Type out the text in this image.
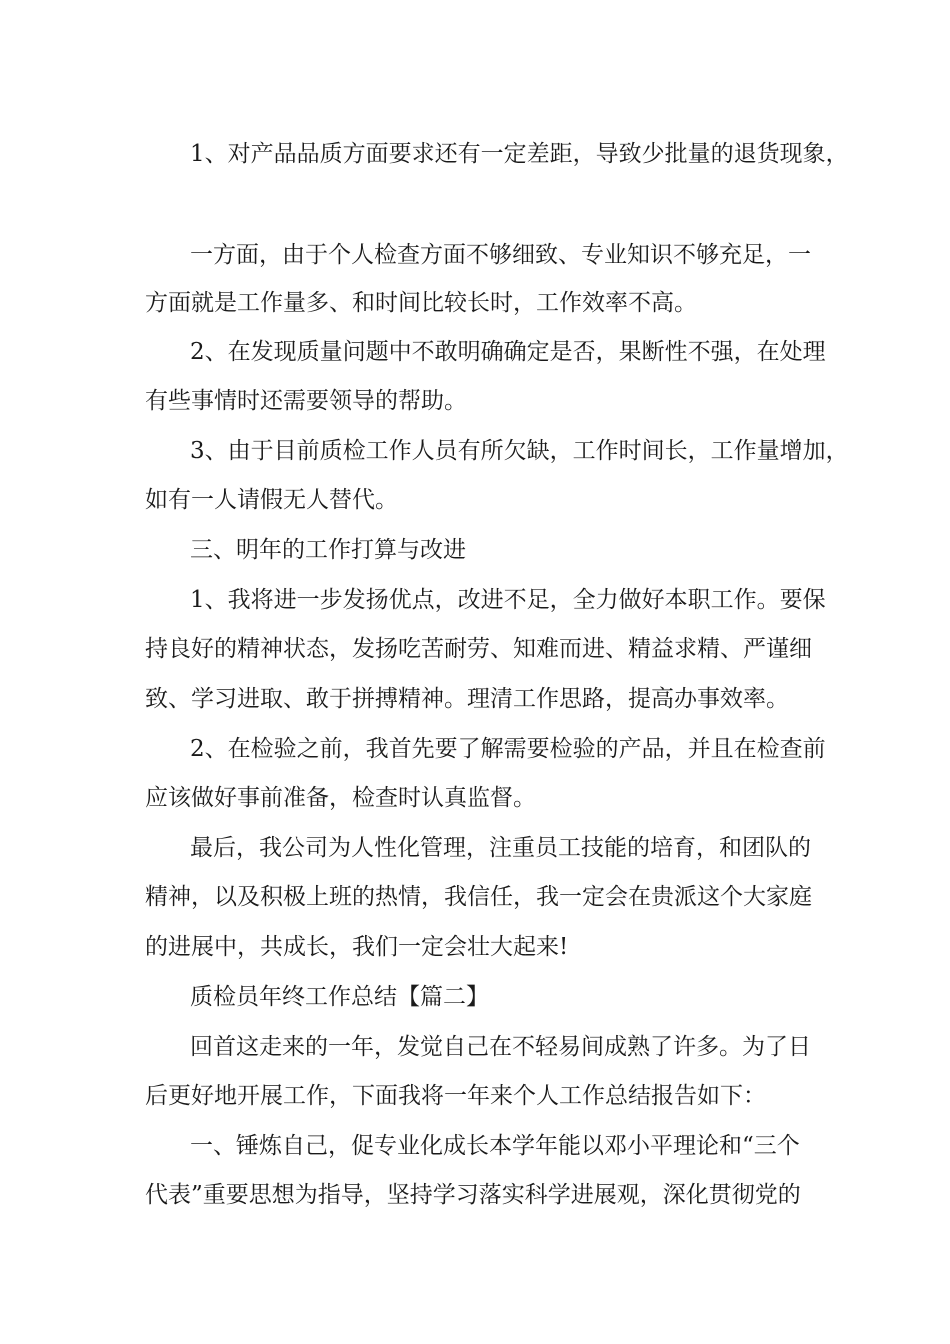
1、对产品品质方面要求还有一定差距，导致少批量的退货现象，

一方面，由于个人检查方面不够细致、专业知识不够充足，一

方面就是工作量多、和时间比较长时，工作效率不高。

2、在发现质量问题中不敢明确确定是否，果断性不强，在处理

有些事情时还需要领导的帮助。

3、由于目前质检工作人员有所欠缺，工作时间长，工作量增加，

如有一人请假无人替代。

三、明年的工作打算与改进

1、我将进一步发扬优点，改进不足，全力做好本职工作。要保

持良好的精神状态，发扬吃苦耐劳、知难而进、精益求精、严谨细

致、学习进取、敢于拼搏精神。理清工作思路，提高办事效率。

2、在检验之前，我首先要了解需要检验的产品，并且在检查前

应该做好事前准备，检查时认真监督。

最后，我公司为人性化管理，注重员工技能的培育，和团队的

精神，以及积极上班的热情，我信任，我一定会在贵派这个大家庭

的进展中，共成长，我们一定会壮大起来!

质检员年终工作总结【篇二】

回首这走来的一年，发觉自己在不轻易间成熟了许多。为了日

后更好地开展工作，下面我将一年来个人工作总结报告如下：

一、锤炼自己，促专业化成长本学年能以邓小平理论和“三个

代表”重要思想为指导，坚持学习落实科学进展观，深化贯彻党的
